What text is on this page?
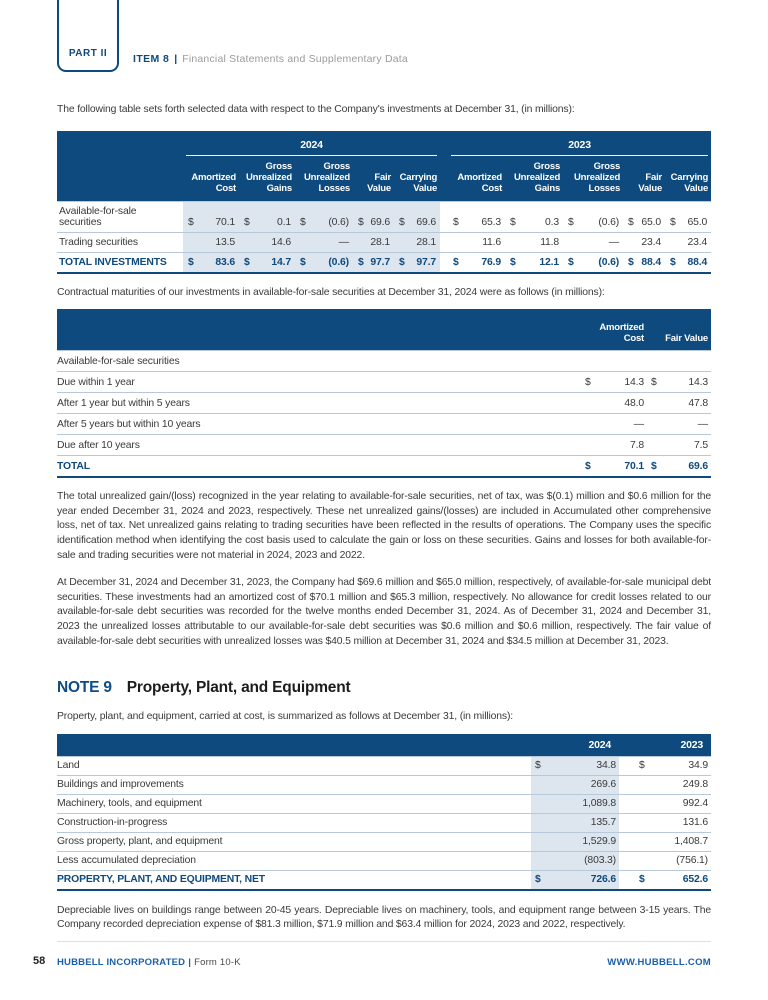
PART II ITEM 8 | Financial Statements and Supplementary Data

The following table sets forth selected data with respect to the Company's investments at December 31, (in millions):

	2024						2023				

	Amortized Cost	Gross Unrealized Gains	Gross Unrealized Losses	Fair Value	Carrying Value		Amortized Cost	Gross Unrealized Gains	Gross Unrealized Losses	Fair Value	Carrying Value
Available-for-sale securities	$ 70.1	$ 0.1	$ (0.6)	$ 69.6	$ 69.6		$ 65.3	$ 0.3	$ (0.6)	$ 65.0	$ 65.0
Trading securities	13.5	14.6	—	28.1	28.1		11.6	11.8	—	23.4	23.4
TOTAL INVESTMENTS	$ 83.6	$ 14.7	$ (0.6)	$ 97.7	$ 97.7		$ 76.9	$ 12.1	$ (0.6)	$ 88.4	$ 88.4

Contractual maturities of our investments in available-for-sale securities at December 31, 2024 were as follows (in millions):

	Amortized Cost		Fair Value	
Available-for-sale securities				
Due within 1 year	$	14.3	$	14.3
After 1 year but within 5 years		48.0		47.8
After 5 years but within 10 years		—		—
Due after 10 years		7.8		7.5
TOTAL	$	70.1	$	69.6

The total unrealized gain/(loss) recognized in the year relating to available-for-sale securities, net of tax, was $(0.1) million and $0.6 million for the year ended December 31, 2024 and 2023, respectively. These net unrealized gains/(losses) are included in Accumulated other comprehensive loss, net of tax. Net unrealized gains relating to trading securities have been reflected in the results of operations. The Company uses the specific identification method when identifying the cost basis used to calculate the gain or loss on these securities. Gains and losses for both available-for-sale and trading securities were not material in 2024, 2023 and 2022.

At December 31, 2024 and December 31, 2023, the Company had $69.6 million and $65.0 million, respectively, of available-for-sale municipal debt securities. These investments had an amortized cost of $70.1 million and $65.3 million, respectively. No allowance for credit losses related to our available-for-sale debt securities was recorded for the twelve months ended December 31, 2024. As of December 31, 2024 and December 31, 2023 the unrealized losses attributable to our available-for-sale debt securities was $0.6 million and $0.6 million, respectively. The fair value of available-for-sale debt securities with unrealized losses was $40.5 million at December 31, 2024 and $34.5 million at December 31, 2023.

NOTE 9 Property, Plant, and Equipment

Property, plant, and equipment, carried at cost, is summarized as follows at December 31, (in millions):

	2024			2023	
Land	$	34.8		$	34.9
Buildings and improvements		269.6			249.8
Machinery, tools, and equipment		1,089.8			992.4
Construction-in-progress		135.7			131.6
Gross property, plant, and equipment		1,529.9			1,408.7
Less accumulated depreciation		(803.3)			(756.1)
PROPERTY, PLANT, AND EQUIPMENT, NET	$	726.6		$	652.6

Depreciable lives on buildings range between 20-45 years. Depreciable lives on machinery, tools, and equipment range between 3-15 years. The Company recorded depreciation expense of $81.3 million, $71.9 million and $63.4 million for 2024, 2023 and 2022, respectively.

58 HUBBELL INCORPORATED | Form 10-K	WWW.HUBBELL.COM
